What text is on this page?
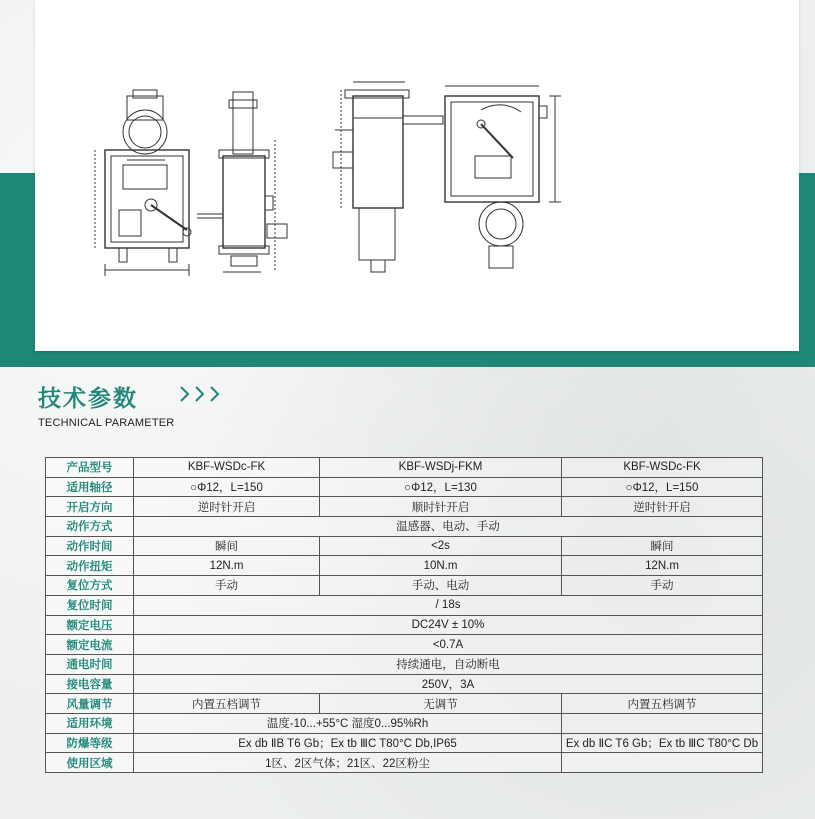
技术参数
TECHNICAL PARAMETER
产品型号	KBF-WSDc-FK	KBF-WSDj-FKM	KBF-WSDc-FK
适用轴径	○Φ12，L=150	○Φ12，L=130	○Φ12，L=150
开启方向	逆时针开启	顺时针开启	逆时针开启
动作方式	温感器、电动、手动		
动作时间	瞬间	<2s	瞬间
动作扭矩	12N.m	10N.m	12N.m
复位方式	手动	手动、电动	手动
复位时间	/ 18s		
额定电压	DC24V ± 10%		
额定电流	<0.7A		
通电时间	持续通电，自动断电		
接电容量	250V，3A		
风量调节	内置五档调节	无调节	内置五档调节
适用环境	温度-10...+55°C 湿度0...95%Rh		
防爆等级	Ex db ⅡB T6 Gb；Ex tb ⅢC T80°C Db,IP65		Ex db ⅡC T6 Gb；Ex tb ⅢC T80°C Db
使用区域	1区、2区气体；21区、22区粉尘		
